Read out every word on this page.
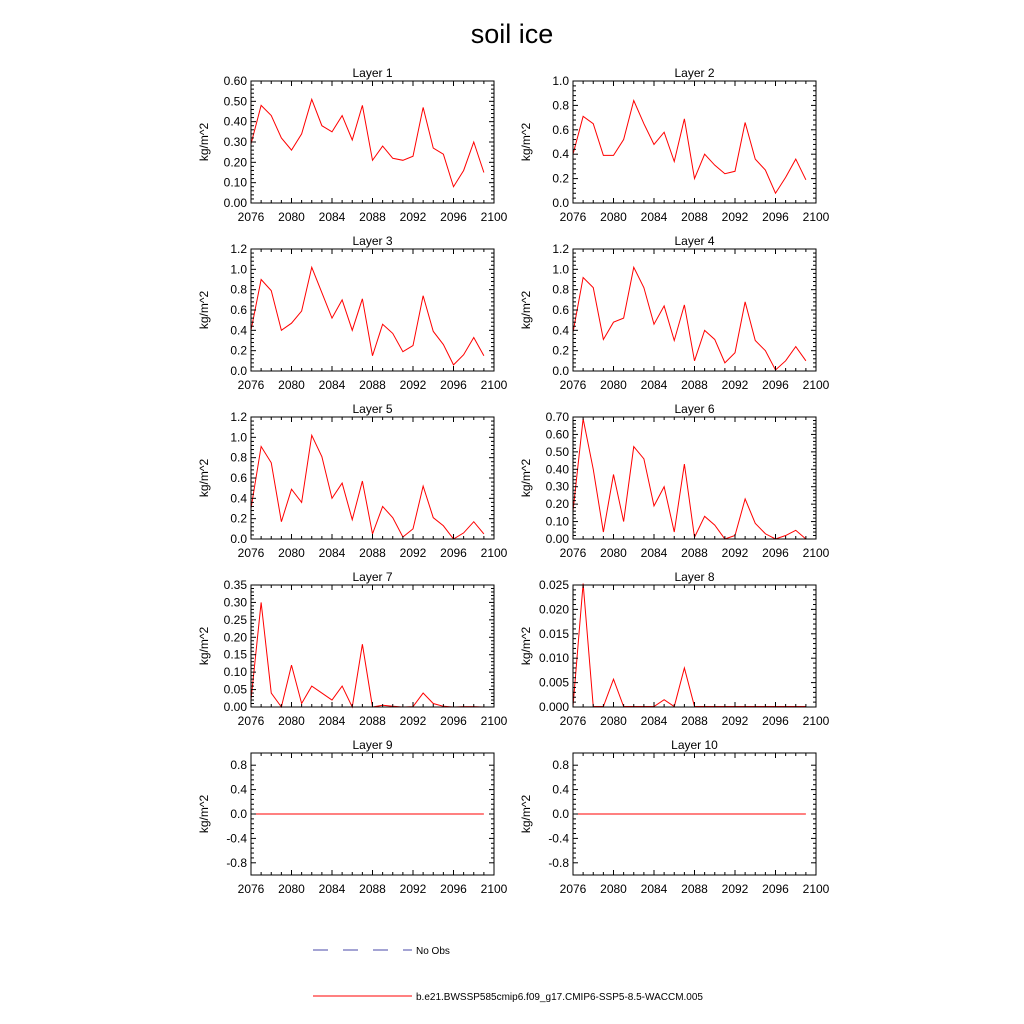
soil ice
Layer 1
kg/m^2
2076 2080 2084 2088 2092 2096 2100
0.00
0.10
0.20
0.30
0.40
0.50
0.60
Layer 2
kg/m^2
2076 2080 2084 2088 2092 2096 2100
0.0
0.2
0.4
0.6
0.8
1.0
Layer 3
kg/m^2
2076 2080 2084 2088 2092 2096 2100
0.0
0.2
0.4
0.6
0.8
1.0
1.2
Layer 4
kg/m^2
2076 2080 2084 2088 2092 2096 2100
0.0
0.2
0.4
0.6
0.8
1.0
1.2
Layer 5
kg/m^2
2076 2080 2084 2088 2092 2096 2100
0.0
0.2
0.4
0.6
0.8
1.0
1.2
Layer 6
kg/m^2
2076 2080 2084 2088 2092 2096 2100
0.00
0.10
0.20
0.30
0.40
0.50
0.60
0.70
Layer 7
kg/m^2
2076 2080 2084 2088 2092 2096 2100
0.00
0.05
0.10
0.15
0.20
0.25
0.30
0.35
Layer 8
kg/m^2
2076 2080 2084 2088 2092 2096 2100
0.000
0.005
0.010
0.015
0.020
0.025
Layer 9
kg/m^2
2076 2080 2084 2088 2092 2096 2100
-0.8
-0.4
0.0
0.4
0.8
Layer 10
kg/m^2
2076 2080 2084 2088 2092 2096 2100
-0.8
-0.4
0.0
0.4
0.8
No Obs
b.e21.BWSSP585cmip6.f09_g17.CMIP6-SSP5-8.5-WACCM.005
